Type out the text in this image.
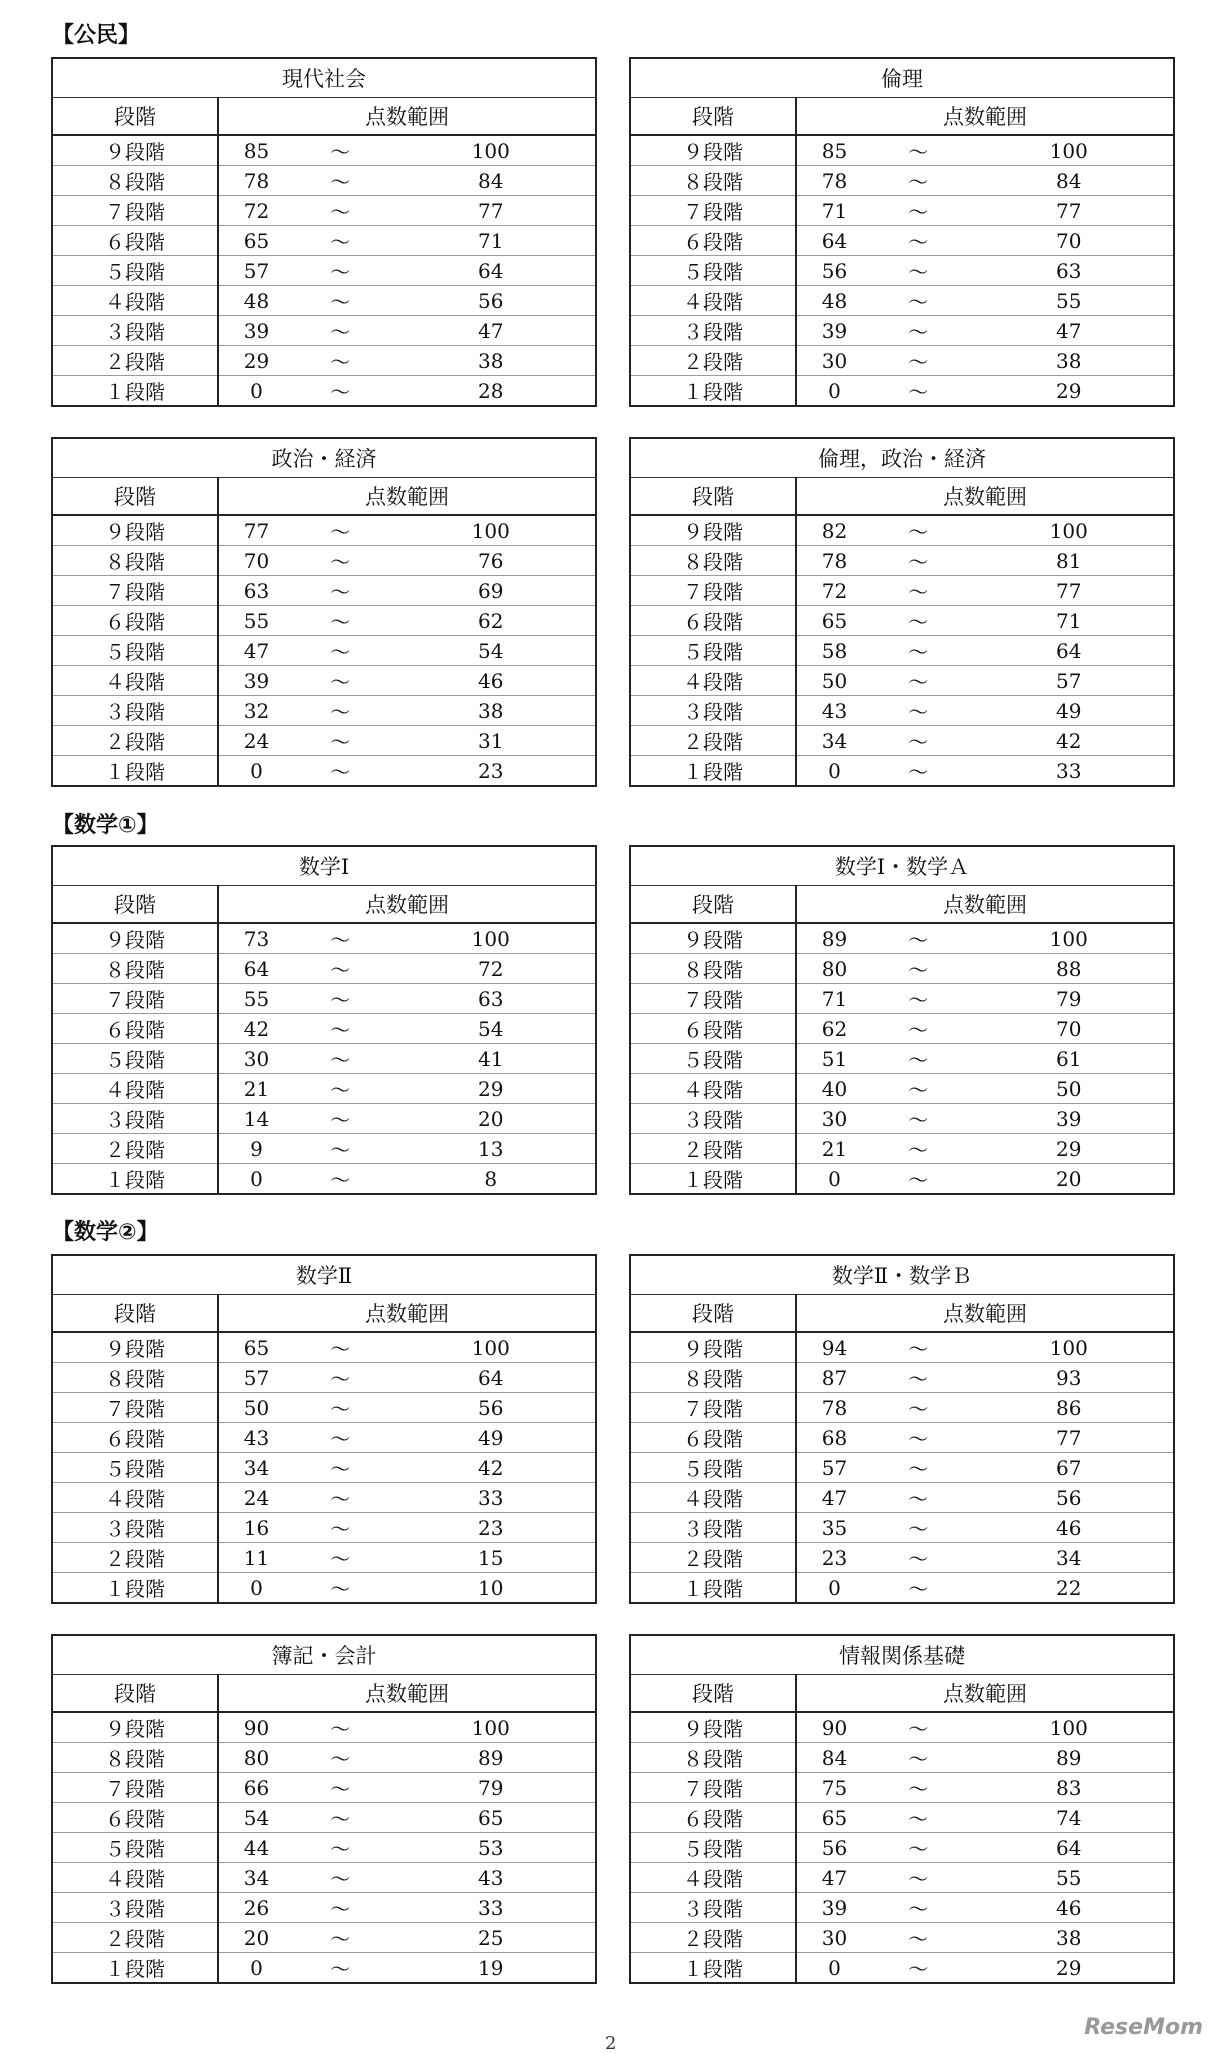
【公民】
【数学①】
【数学②】
現代社会			
段階	点数範囲		
９段階	85	〜	100
８段階	78	〜	84
７段階	72	〜	77
６段階	65	〜	71
５段階	57	〜	64
４段階	48	〜	56
３段階	39	〜	47
２段階	29	〜	38
１段階	0	〜	28
倫理			
段階	点数範囲		
９段階	85	〜	100
８段階	78	〜	84
７段階	71	〜	77
６段階	64	〜	70
５段階	56	〜	63
４段階	48	〜	55
３段階	39	〜	47
２段階	30	〜	38
１段階	0	〜	29
政治・経済			
段階	点数範囲		
９段階	77	〜	100
８段階	70	〜	76
７段階	63	〜	69
６段階	55	〜	62
５段階	47	〜	54
４段階	39	〜	46
３段階	32	〜	38
２段階	24	〜	31
１段階	0	〜	23
倫理，政治・経済			
段階	点数範囲		
９段階	82	〜	100
８段階	78	〜	81
７段階	72	〜	77
６段階	65	〜	71
５段階	58	〜	64
４段階	50	〜	57
３段階	43	〜	49
２段階	34	〜	42
１段階	0	〜	33
数学Ⅰ			
段階	点数範囲		
９段階	73	〜	100
８段階	64	〜	72
７段階	55	〜	63
６段階	42	〜	54
５段階	30	〜	41
４段階	21	〜	29
３段階	14	〜	20
２段階	9	〜	13
１段階	0	〜	8
数学Ⅰ・数学Ａ			
段階	点数範囲		
９段階	89	〜	100
８段階	80	〜	88
７段階	71	〜	79
６段階	62	〜	70
５段階	51	〜	61
４段階	40	〜	50
３段階	30	〜	39
２段階	21	〜	29
１段階	0	〜	20
数学Ⅱ			
段階	点数範囲		
９段階	65	〜	100
８段階	57	〜	64
７段階	50	〜	56
６段階	43	〜	49
５段階	34	〜	42
４段階	24	〜	33
３段階	16	〜	23
２段階	11	〜	15
１段階	0	〜	10
数学Ⅱ・数学Ｂ			
段階	点数範囲		
９段階	94	〜	100
８段階	87	〜	93
７段階	78	〜	86
６段階	68	〜	77
５段階	57	〜	67
４段階	47	〜	56
３段階	35	〜	46
２段階	23	〜	34
１段階	0	〜	22
簿記・会計			
段階	点数範囲		
９段階	90	〜	100
８段階	80	〜	89
７段階	66	〜	79
６段階	54	〜	65
５段階	44	〜	53
４段階	34	〜	43
３段階	26	〜	33
２段階	20	〜	25
１段階	0	〜	19
情報関係基礎			
段階	点数範囲		
９段階	90	〜	100
８段階	84	〜	89
７段階	75	〜	83
６段階	65	〜	74
５段階	56	〜	64
４段階	47	〜	55
３段階	39	〜	46
２段階	30	〜	38
１段階	0	〜	29
2
ReseMom
